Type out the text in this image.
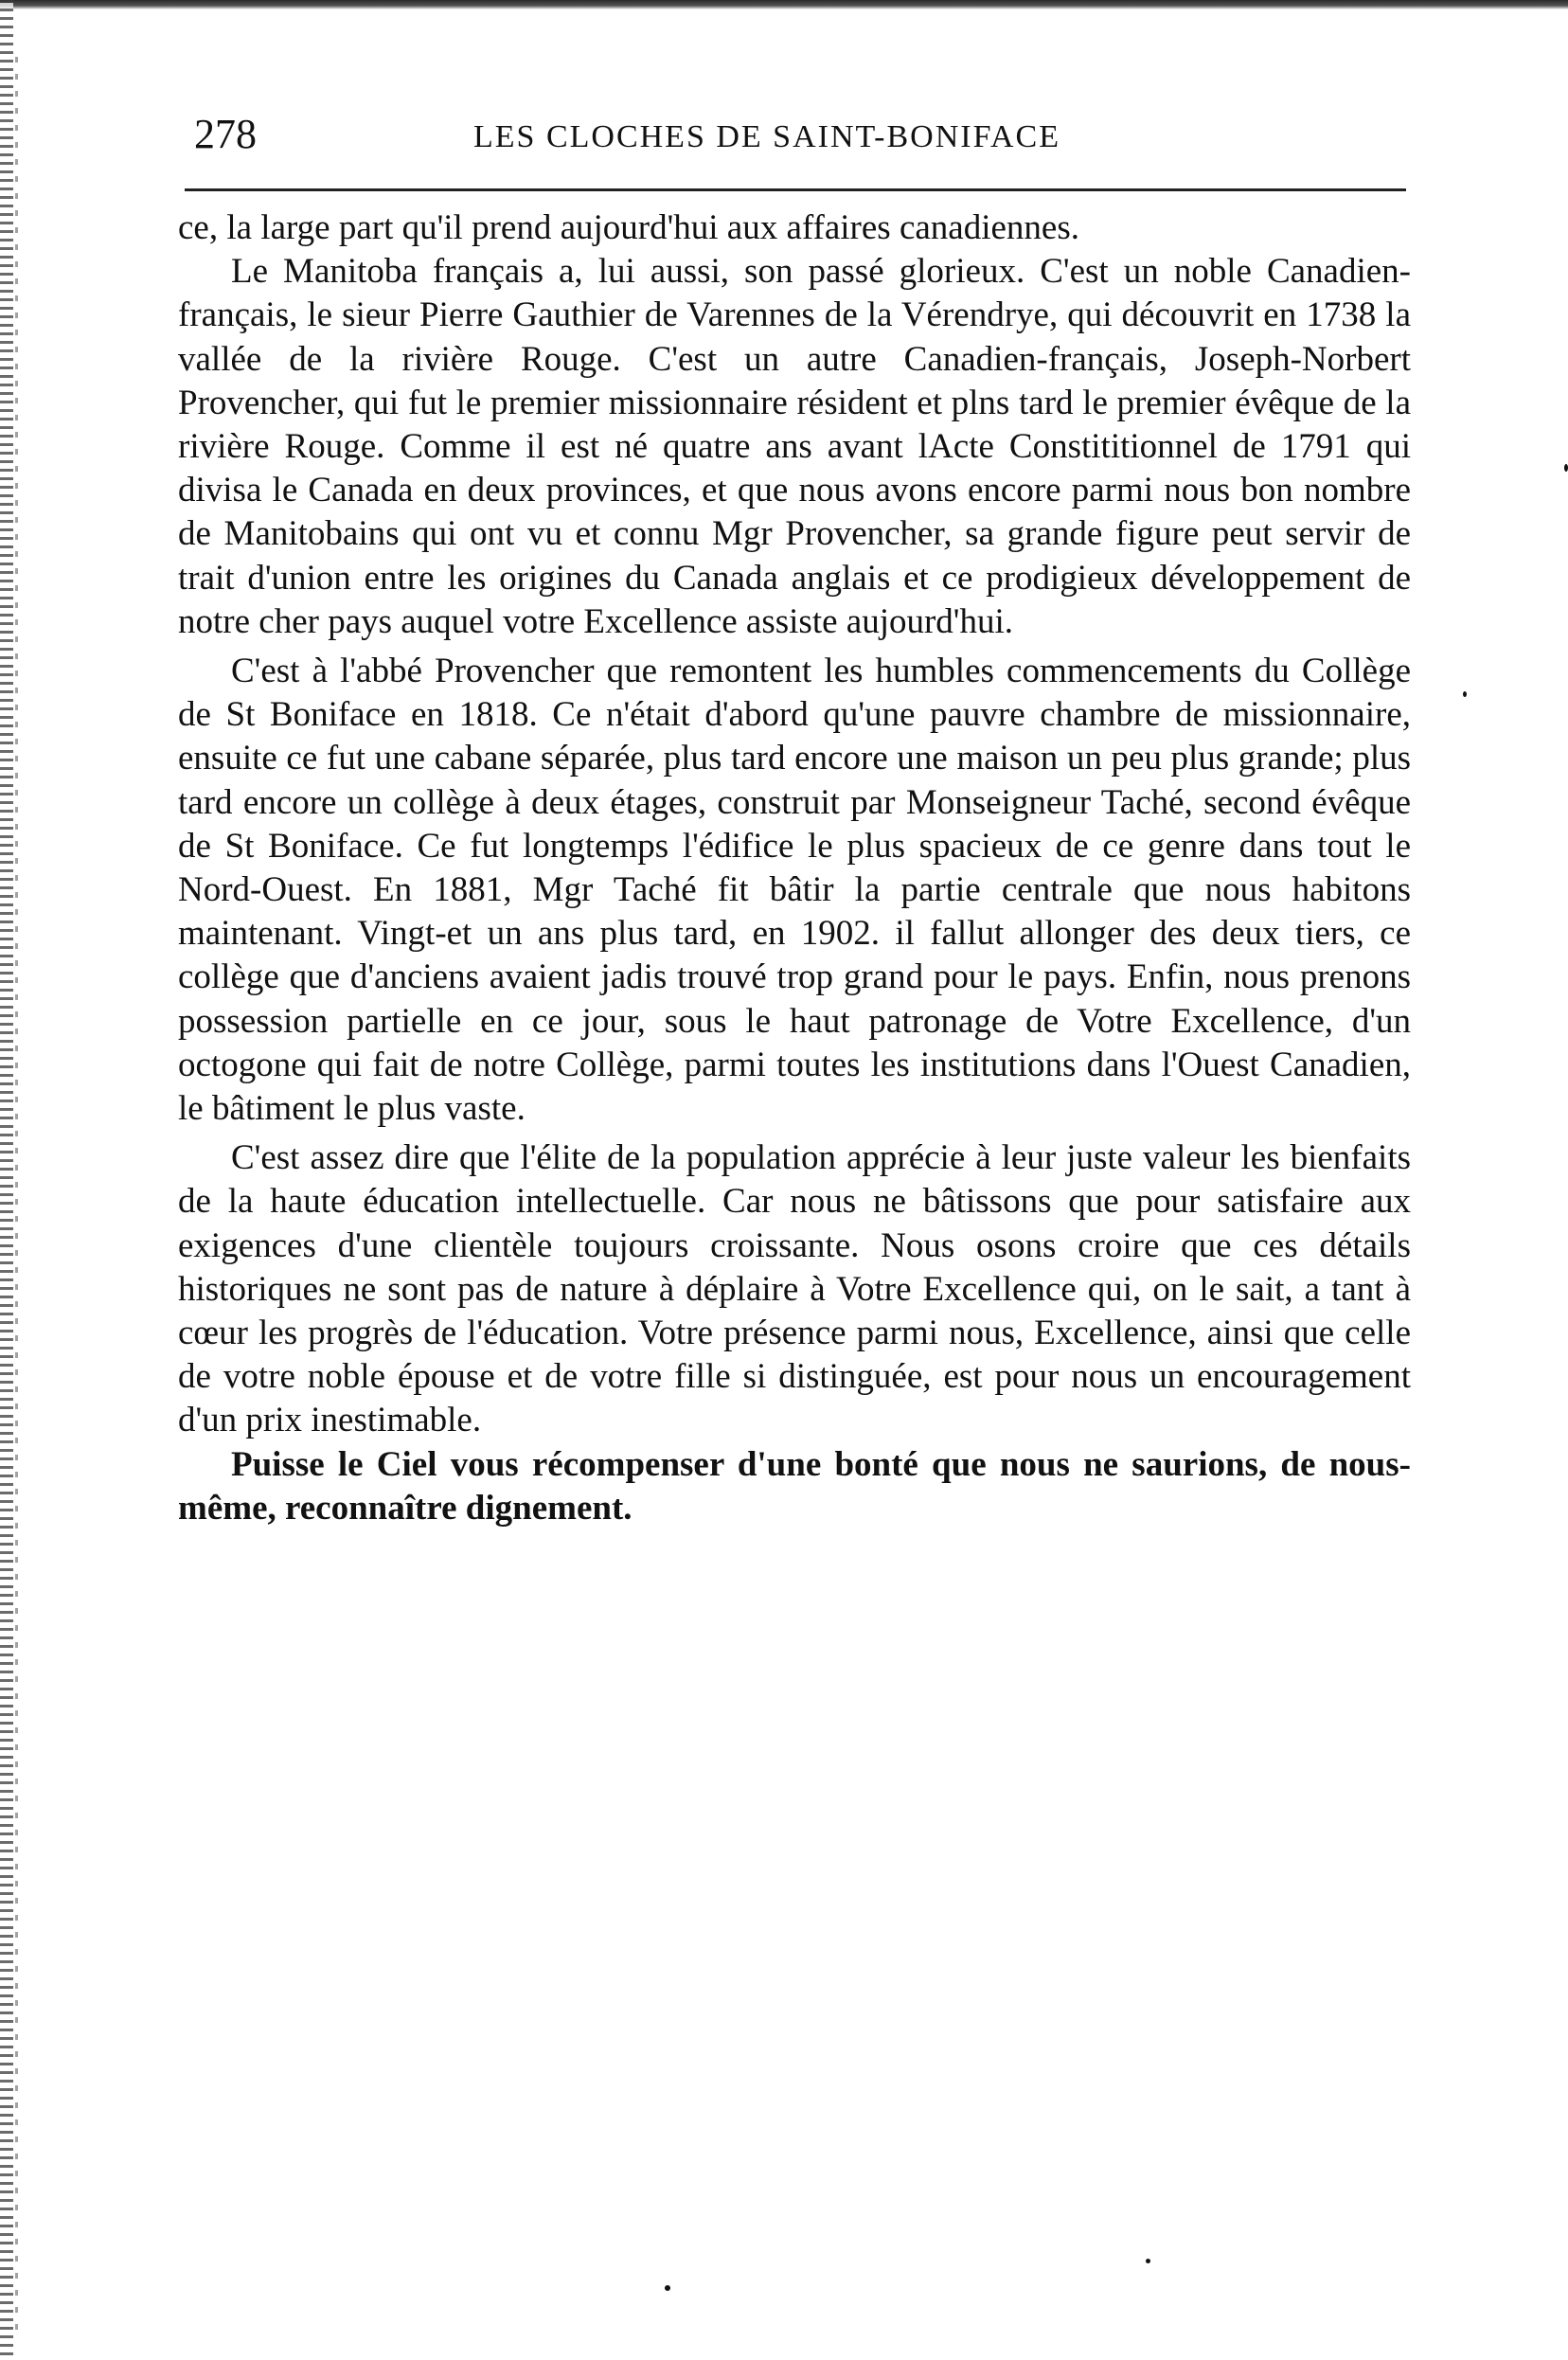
278	LES CLOCHES DE SAINT-BONIFACE

ce, la large part qu'il prend aujourd'hui aux affaires canadiennes.

Le Manitoba français a, lui aussi, son passé glorieux. C'est un noble Canadien-français, le sieur Pierre Gauthier de Varennes de la Vérendrye, qui découvrit en 1738 la vallée de la rivière Rouge. C'est un autre Canadien-français, Joseph-Norbert Provencher, qui fut le premier missionnaire résident et plns tard le premier évêque de la rivière Rouge. Comme il est né quatre ans avant lActe Constititionnel de 1791 qui divisa le Canada en deux provinces, et que nous avons encore parmi nous bon nombre de Manitobains qui ont vu et connu Mgr Provencher, sa grande figure peut servir de trait d'union entre les origines du Canada anglais et ce prodigieux développement de notre cher pays auquel votre Excellence assiste aujourd'hui.

C'est à l'abbé Provencher que remontent les humbles commencements du Collège de St Boniface en 1818. Ce n'était d'abord qu'une pauvre chambre de missionnaire, ensuite ce fut une cabane séparée, plus tard encore une maison un peu plus grande; plus tard encore un collège à deux étages, construit par Monseigneur Taché, second évêque de St Boniface. Ce fut longtemps l'édifice le plus spacieux de ce genre dans tout le Nord-Ouest. En 1881, Mgr Taché fit bâtir la partie centrale que nous habitons maintenant. Vingt-et un ans plus tard, en 1902. il fallut allonger des deux tiers, ce collège que d'anciens avaient jadis trouvé trop grand pour le pays. Enfin, nous prenons possession partielle en ce jour, sous le haut patronage de Votre Excellence, d'un octogone qui fait de notre Collège, parmi toutes les institutions dans l'Ouest Canadien, le bâtiment le plus vaste.

C'est assez dire que l'élite de la population apprécie à leur juste valeur les bienfaits de la haute éducation intellectuelle. Car nous ne bâtissons que pour satisfaire aux exigences d'une clientèle toujours croissante. Nous osons croire que ces détails historiques ne sont pas de nature à déplaire à Votre Excellence qui, on le sait, a tant à cœur les progrès de l'éducation. Votre présence parmi nous, Excellence, ainsi que celle de votre noble épouse et de votre fille si distinguée, est pour nous un encouragement d'un prix inestimable.

Puisse le Ciel vous récompenser d'une bonté que nous ne saurions, de nous-même, reconnaître dignement.
